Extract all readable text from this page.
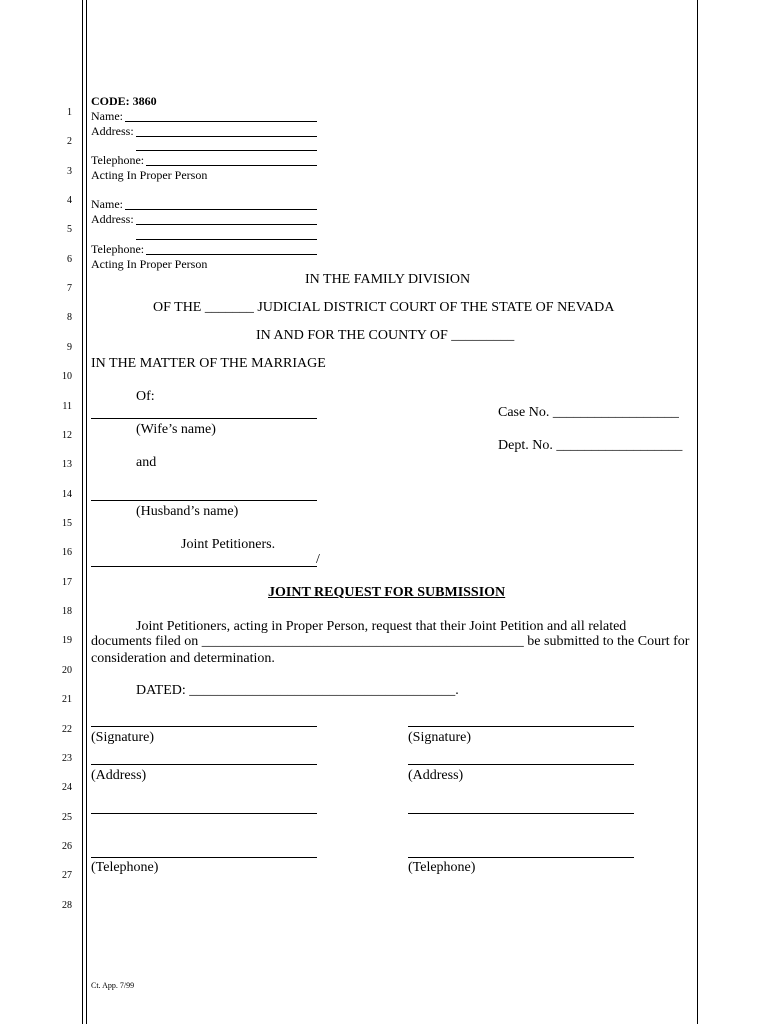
1
2
3
4
5
6
7
8
9
10
11
12
13
14
15
16
17
18
19
20
21
22
23
24
25
26
27
28
CODE: 3860
Name:
Address:
Telephone:
Acting In Proper Person
Name:
Address:
Telephone:
Acting In Proper Person
IN THE FAMILY DIVISION
OF THE _______ JUDICIAL DISTRICT COURT OF THE STATE OF NEVADA
IN AND FOR THE COUNTY OF _________
IN THE MATTER OF THE MARRIAGE
Of:
(Wife’s name)
and
(Husband’s name)
Joint Petitioners.
/
Case No. __________________
Dept. No. __________________
JOINT REQUEST FOR SUBMISSION
Joint Petitioners, acting in Proper Person, request that their Joint Petition and all related
documents filed on ______________________________________________ be submitted to the Court for
consideration and determination.
DATED: ______________________________________.
(Signature)
(Address)
(Telephone)
(Signature)
(Address)
(Telephone)
Ct. App. 7/99
